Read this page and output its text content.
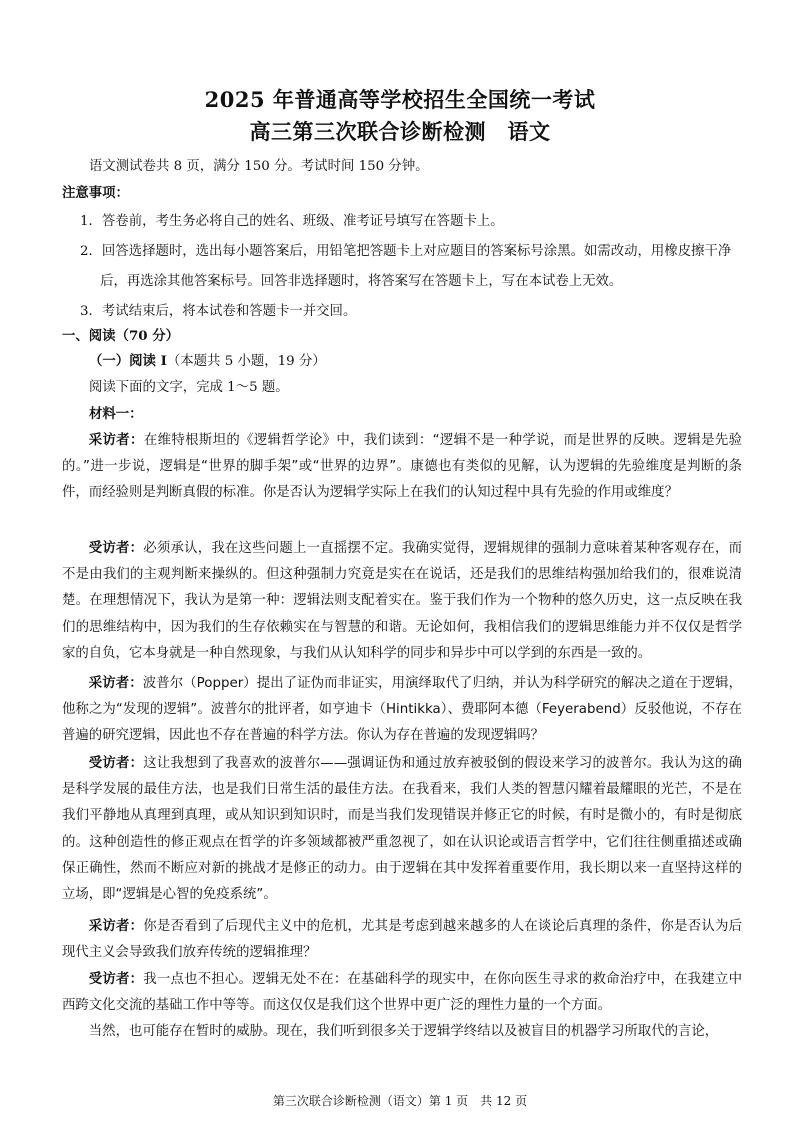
2025 年普通高等学校招生全国统一考试
高三第三次联合诊断检测　语文
语文测试卷共 8 页，满分 150 分。考试时间 150 分钟。
注意事项：
1．答卷前，考生务必将自己的姓名、班级、准考证号填写在答题卡上。
2．回答选择题时，选出每小题答案后，用铅笔把答题卡上对应题目的答案标号涂黑。如需改动，用橡皮擦干净后，再选涂其他答案标号。回答非选择题时，将答案写在答题卡上，写在本试卷上无效。
3．考试结束后，将本试卷和答题卡一并交回。
一、阅读（70 分）
（一）阅读 I（本题共 5 小题，19 分）
阅读下面的文字，完成 1～5 题。
材料一：

采访者：在维特根斯坦的《逻辑哲学论》中，我们读到：“逻辑不是一种学说，而是世界的反映。逻辑是先验的。”进一步说，逻辑是“世界的脚手架”或“世界的边界”。康德也有类似的见解，认为逻辑的先验维度是判断的条件，而经验则是判断真假的标准。你是否认为逻辑学实际上在我们的认知过程中具有先验的作用或维度？

受访者：必须承认，我在这些问题上一直摇摆不定。我确实觉得，逻辑规律的强制力意味着某种客观存在，而不是由我们的主观判断来操纵的。但这种强制力究竟是实在在说话，还是我们的思维结构强加给我们的，很难说清楚。在理想情况下，我认为是第一种：逻辑法则支配着实在。鉴于我们作为一个物种的悠久历史，这一点反映在我们的思维结构中，因为我们的生存依赖实在与智慧的和谐。无论如何，我相信我们的逻辑思维能力并不仅仅是哲学家的自负，它本身就是一种自然现象，与我们从认知科学的同步和异步中可以学到的东西是一致的。

采访者：波普尔（Popper）提出了证伪而非证实，用演绎取代了归纳，并认为科学研究的解决之道在于逻辑，他称之为“发现的逻辑”。波普尔的批评者，如亨迪卡（Hintikka）、费耶阿本德（Feyerabend）反驳他说，不存在普遍的研究逻辑，因此也不存在普遍的科学方法。你认为存在普遍的发现逻辑吗？

受访者：这让我想到了我喜欢的波普尔——强调证伪和通过放弃被驳倒的假设来学习的波普尔。我认为这的确是科学发展的最佳方法，也是我们日常生活的最佳方法。在我看来，我们人类的智慧闪耀着最耀眼的光芒，不是在我们平静地从真理到真理，或从知识到知识时，而是当我们发现错误并修正它的时候，有时是微小的，有时是彻底的。这种创造性的修正观点在哲学的许多领域都被严重忽视了，如在认识论或语言哲学中，它们往往侧重描述或确保正确性，然而不断应对新的挑战才是修正的动力。由于逻辑在其中发挥着重要作用，我长期以来一直坚持这样的立场，即“逻辑是心智的免疫系统”。

采访者：你是否看到了后现代主义中的危机，尤其是考虑到越来越多的人在谈论后真理的条件，你是否认为后现代主义会导致我们放弃传统的逻辑推理？

受访者：我一点也不担心。逻辑无处不在：在基础科学的现实中，在你向医生寻求的救命治疗中，在我建立中西跨文化交流的基础工作中等等。而这仅仅是我们这个世界中更广泛的理性力量的一个方面。

当然，也可能存在暂时的威胁。现在，我们听到很多关于逻辑学终结以及被盲目的机器学习所取代的言论，

第三次联合诊断检测（语文）第 1 页　共 12 页
